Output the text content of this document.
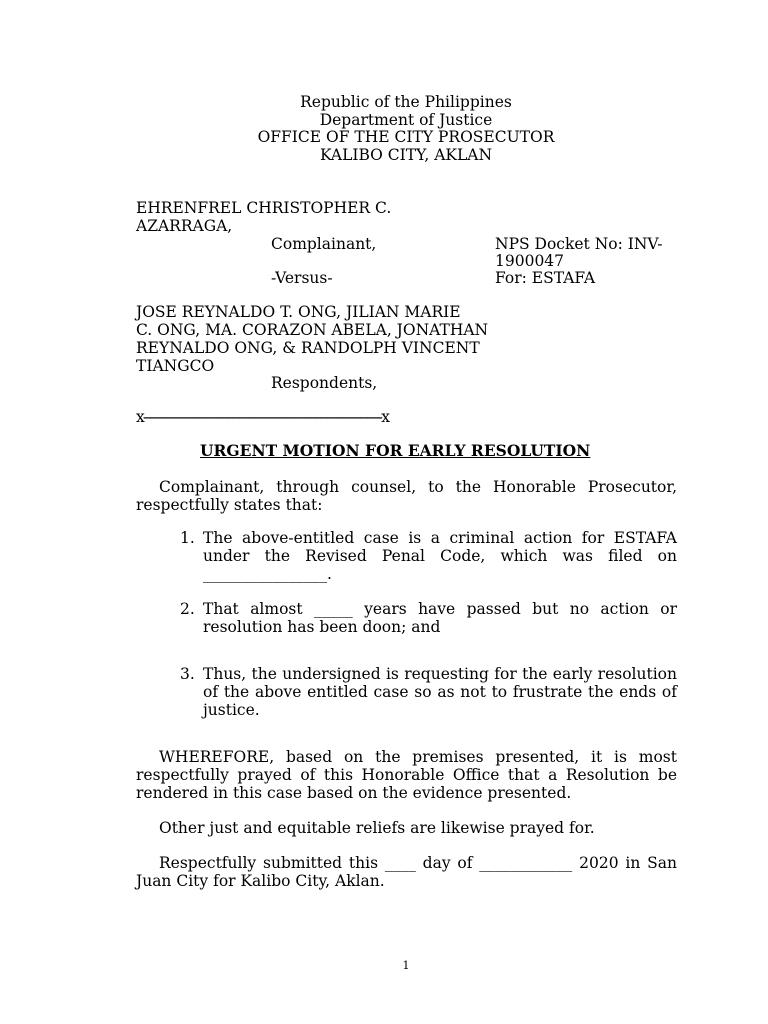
Republic of the Philippines
Department of Justice
OFFICE OF THE CITY PROSECUTOR
KALIBO CITY, AKLAN
EHRENFREL CHRISTOPHER C.
AZARRAGA,
Complainant,
-Versus-
NPS Docket No: INV-
1900047
For: ESTAFA
JOSE REYNALDO T. ONG, JILIAN MARIE
C. ONG, MA. CORAZON ABELA, JONATHAN
REYNALDO ONG, & RANDOLPH VINCENT
TIANGCO
Respondents,
x-----------------------------------------------------------------x
URGENT MOTION FOR EARLY RESOLUTION
Complainant, through counsel, to the Honorable Prosecutor, respectfully states that:
1. The above-entitled case is a criminal action for ESTAFA under the Revised Penal Code, which was filed on ________________.
2. That almost _____ years have passed but no action or resolution has been doon; and
3. Thus, the undersigned is requesting for the early resolution of the above entitled case so as not to frustrate the ends of justice.
WHEREFORE, based on the premises presented, it is most respectfully prayed of this Honorable Office that a Resolution be rendered in this case based on the evidence presented.
Other just and equitable reliefs are likewise prayed for.
Respectfully submitted this ____ day of ____________ 2020 in San
Juan City for Kalibo City, Aklan.
1
